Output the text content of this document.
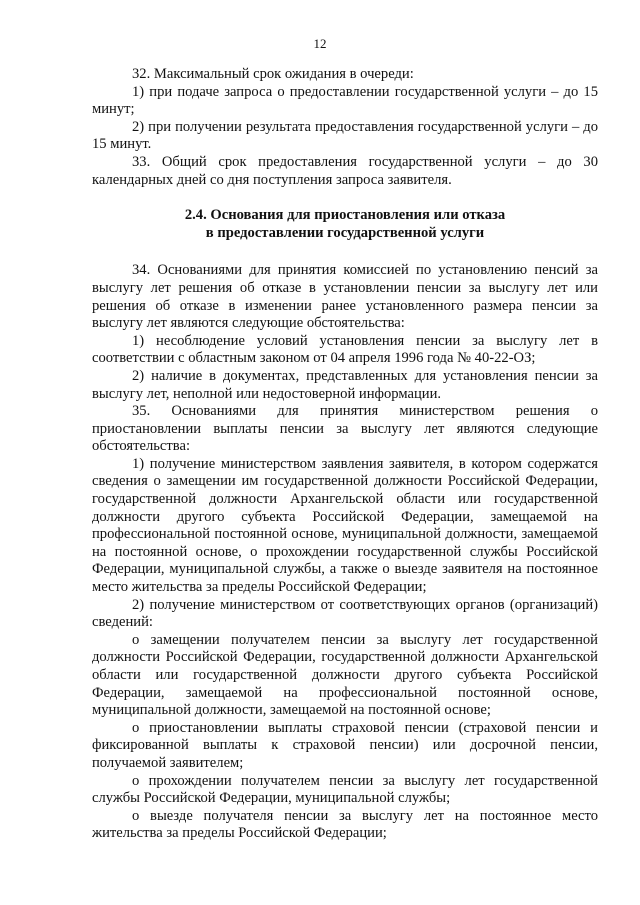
12

32. Максимальный срок ожидания в очереди:

1) при подаче запроса о предоставлении государственной услуги – до 15 минут;

2) при получении результата предоставления государственной услуги – до 15 минут.

33. Общий срок предоставления государственной услуги – до 30 календарных дней со дня поступления запроса заявителя.

2.4. Основания для приостановления или отказа
в предоставлении государственной услуги

34. Основаниями для принятия комиссией по установлению пенсий за выслугу лет решения об отказе в установлении пенсии за выслугу лет или решения об отказе в изменении ранее установленного размера пенсии за выслугу лет являются следующие обстоятельства:

1) несоблюдение условий установления пенсии за выслугу лет в соответствии с областным законом от 04 апреля 1996 года № 40-22-ОЗ;

2) наличие в документах, представленных для установления пенсии за выслугу лет, неполной или недостоверной информации.

35. Основаниями для принятия министерством решения о приостановлении выплаты пенсии за выслугу лет являются следующие обстоятельства:

1) получение министерством заявления заявителя, в котором содержатся сведения о замещении им государственной должности Российской Федерации, государственной должности Архангельской области или государственной должности другого субъекта Российской Федерации, замещаемой на профессиональной постоянной основе, муниципальной должности, замещаемой на постоянной основе, о прохождении государственной службы Российской Федерации, муниципальной службы, а также о выезде заявителя на постоянное место жительства за пределы Российской Федерации;

2) получение министерством от соответствующих органов (организаций) сведений:

о замещении получателем пенсии за выслугу лет государственной должности Российской Федерации, государственной должности Архангельской области или государственной должности другого субъекта Российской Федерации, замещаемой на профессиональной постоянной основе, муниципальной должности, замещаемой на постоянной основе;

о приостановлении выплаты страховой пенсии (страховой пенсии и фиксированной выплаты к страховой пенсии) или досрочной пенсии, получаемой заявителем;

о прохождении получателем пенсии за выслугу лет государственной службы Российской Федерации, муниципальной службы;

о выезде получателя пенсии за выслугу лет на постоянное место жительства за пределы Российской Федерации;
